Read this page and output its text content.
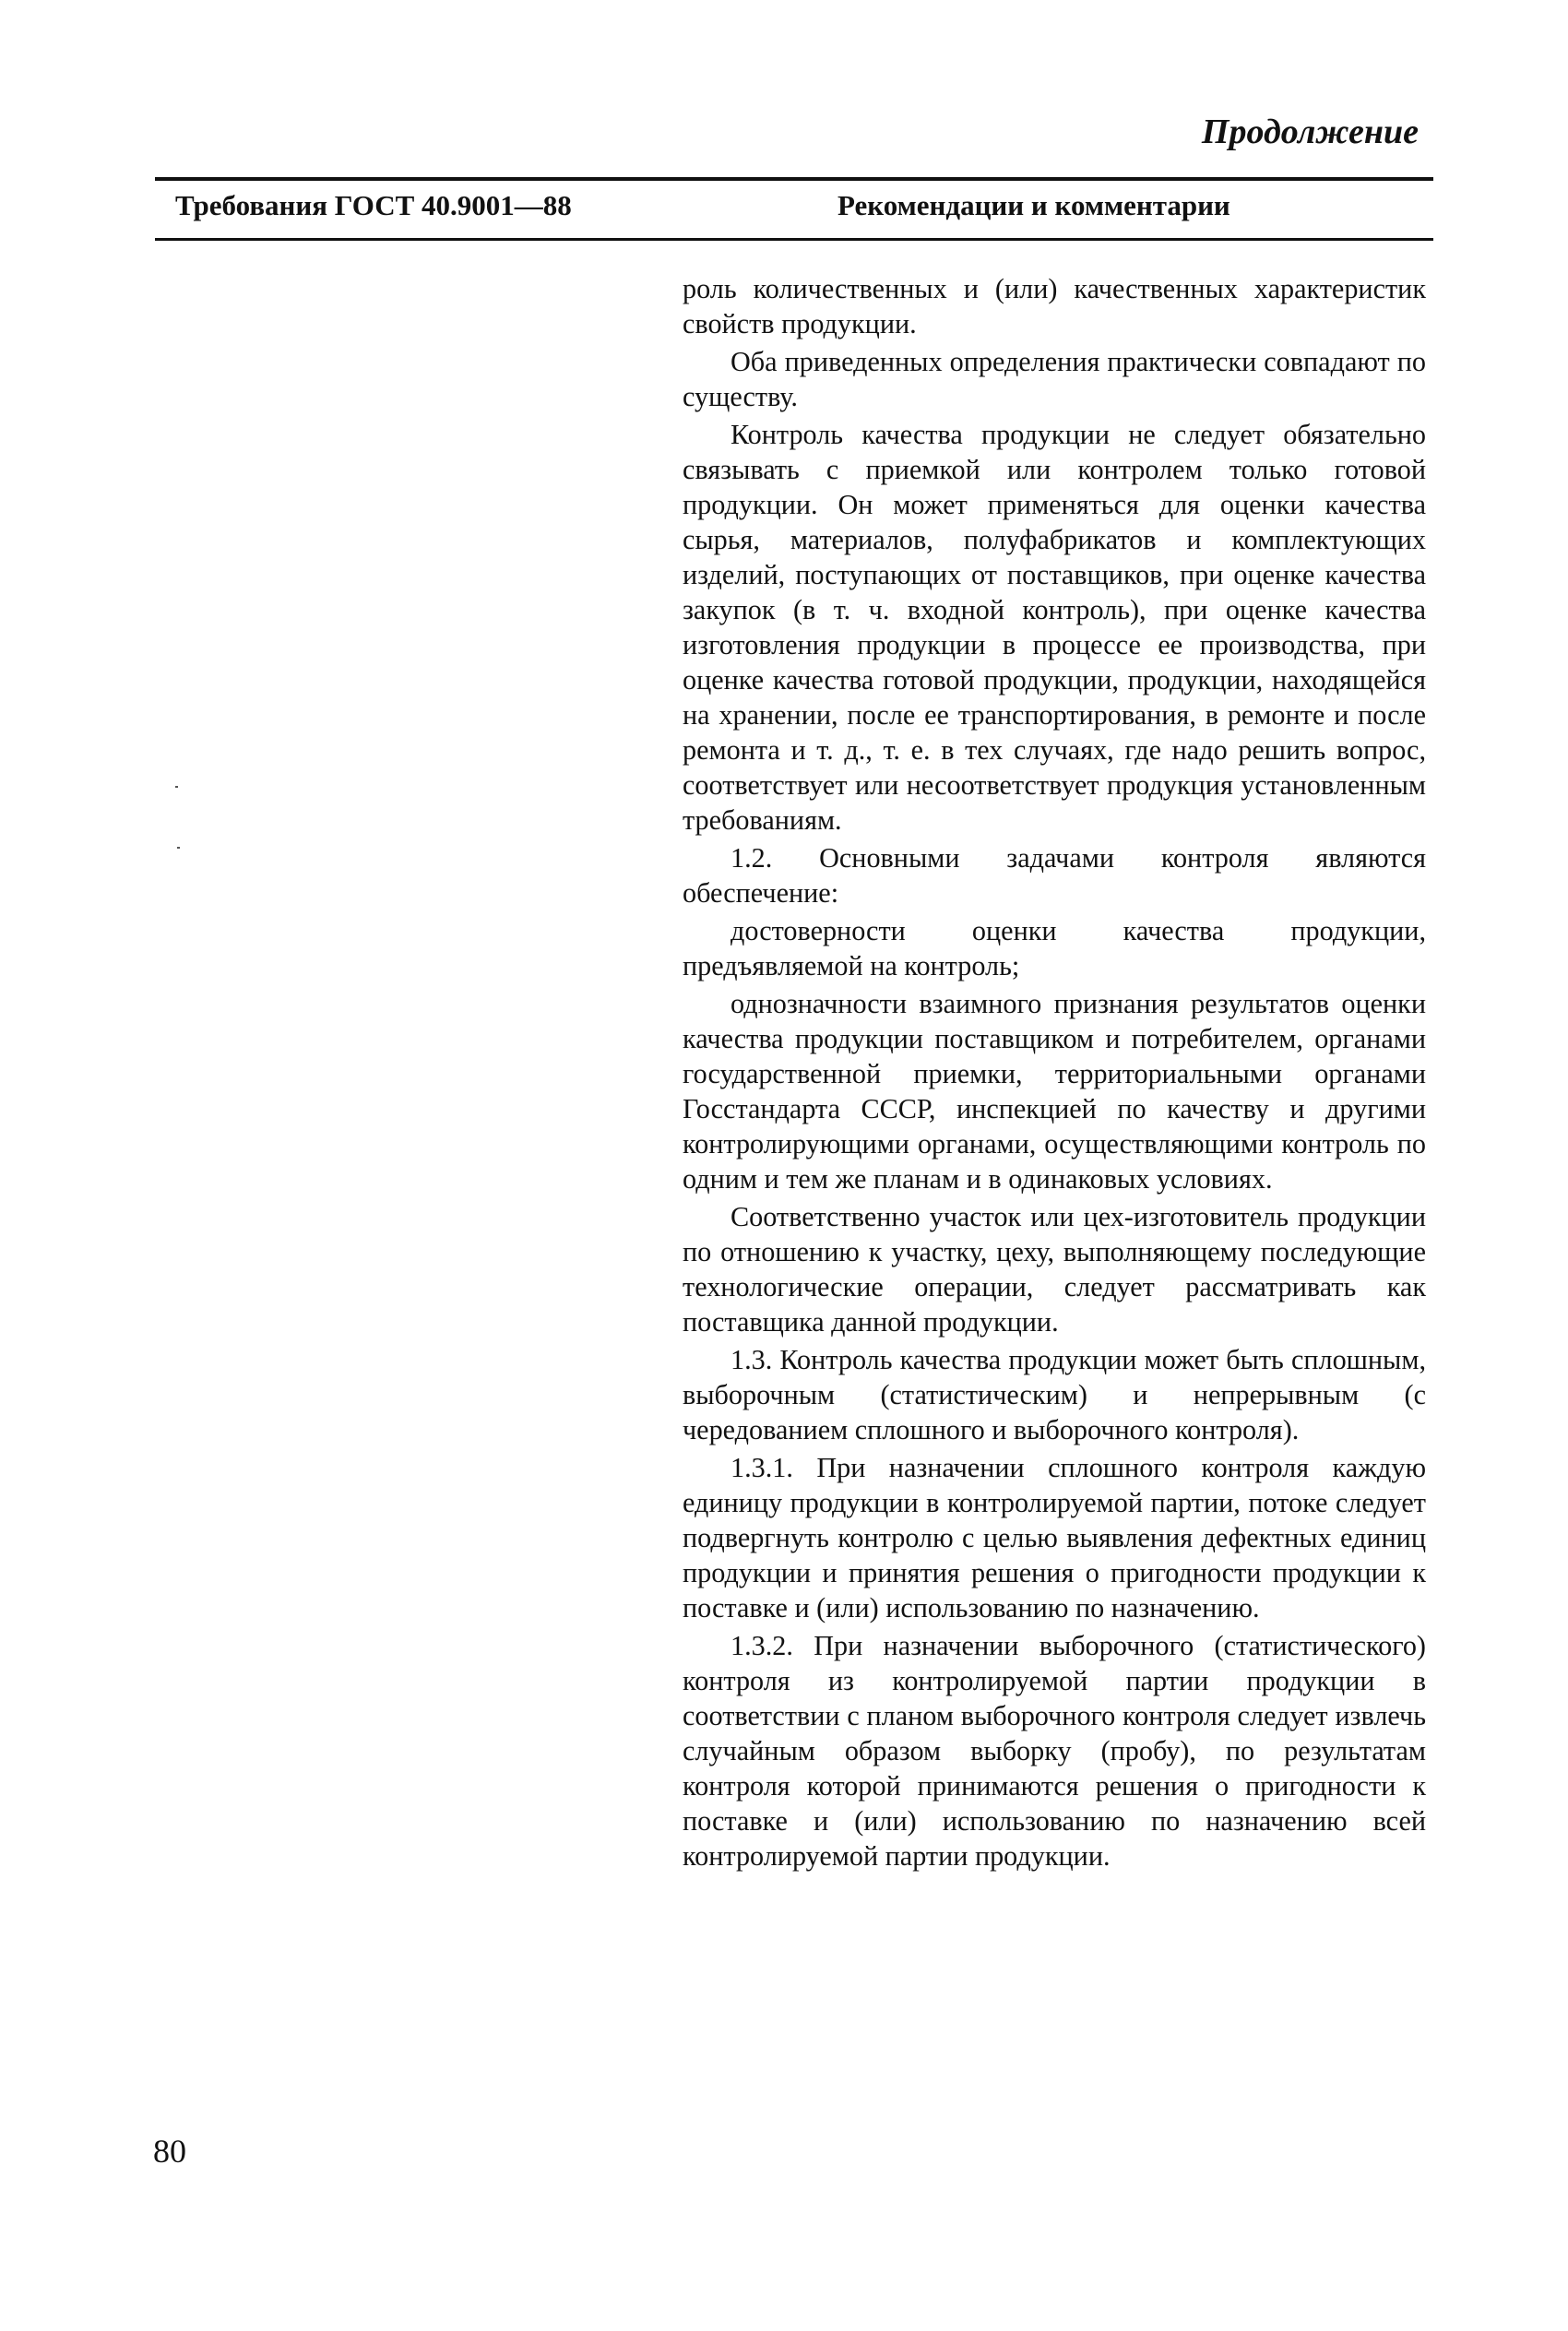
Продолжение
Требования ГОСТ 40.9001—88	Рекомендации и комментарии

роль количественных и (или) качественных характеристик свойств продукции.

Оба приведенных определения практически совпадают по существу.

Контроль качества продукции не следует обязательно связывать с приемкой или контролем только готовой продукции. Он может применяться для оценки качества сырья, материалов, полуфабрикатов и комплектующих изделий, поступающих от поставщиков, при оценке качества закупок (в т. ч. входной контроль), при оценке качества изготовления продукции в процессе ее производства, при оценке качества готовой продукции, продукции, находящейся на хранении, после ее транспортирования, в ремонте и после ремонта и т. д., т. е. в тех случаях, где надо решить вопрос, соответствует или несоответствует продукция установленным требованиям.

1.2. Основными задачами контроля являются обеспечение:

достоверности оценки качества продукции, предъявляемой на контроль;

однозначности взаимного признания результатов оценки качества продукции поставщиком и потребителем, органами государственной приемки, территориальными органами Госстандарта СССР, инспекцией по качеству и другими контролирующими органами, осуществляющими контроль по одним и тем же планам и в одинаковых условиях.

Соответственно участок или цех-изготовитель продукции по отношению к участку, цеху, выполняющему последующие технологические операции, следует рассматривать как поставщика данной продукции.

1.3. Контроль качества продукции может быть сплошным, выборочным (статистическим) и непрерывным (с чередованием сплошного и выборочного контроля).

1.3.1. При назначении сплошного контроля каждую единицу продукции в контролируемой партии, потоке следует подвергнуть контролю с целью выявления дефектных единиц продукции и принятия решения о пригодности продукции к поставке и (или) использованию по назначению.

1.3.2. При назначении выборочного (статистического) контроля из контролируемой партии продукции в соответствии с планом выборочного контроля следует извлечь случайным образом выборку (пробу), по результатам контроля которой принимаются решения о пригодности к поставке и (или) использованию по назначению всей контролируемой партии продукции.

80
